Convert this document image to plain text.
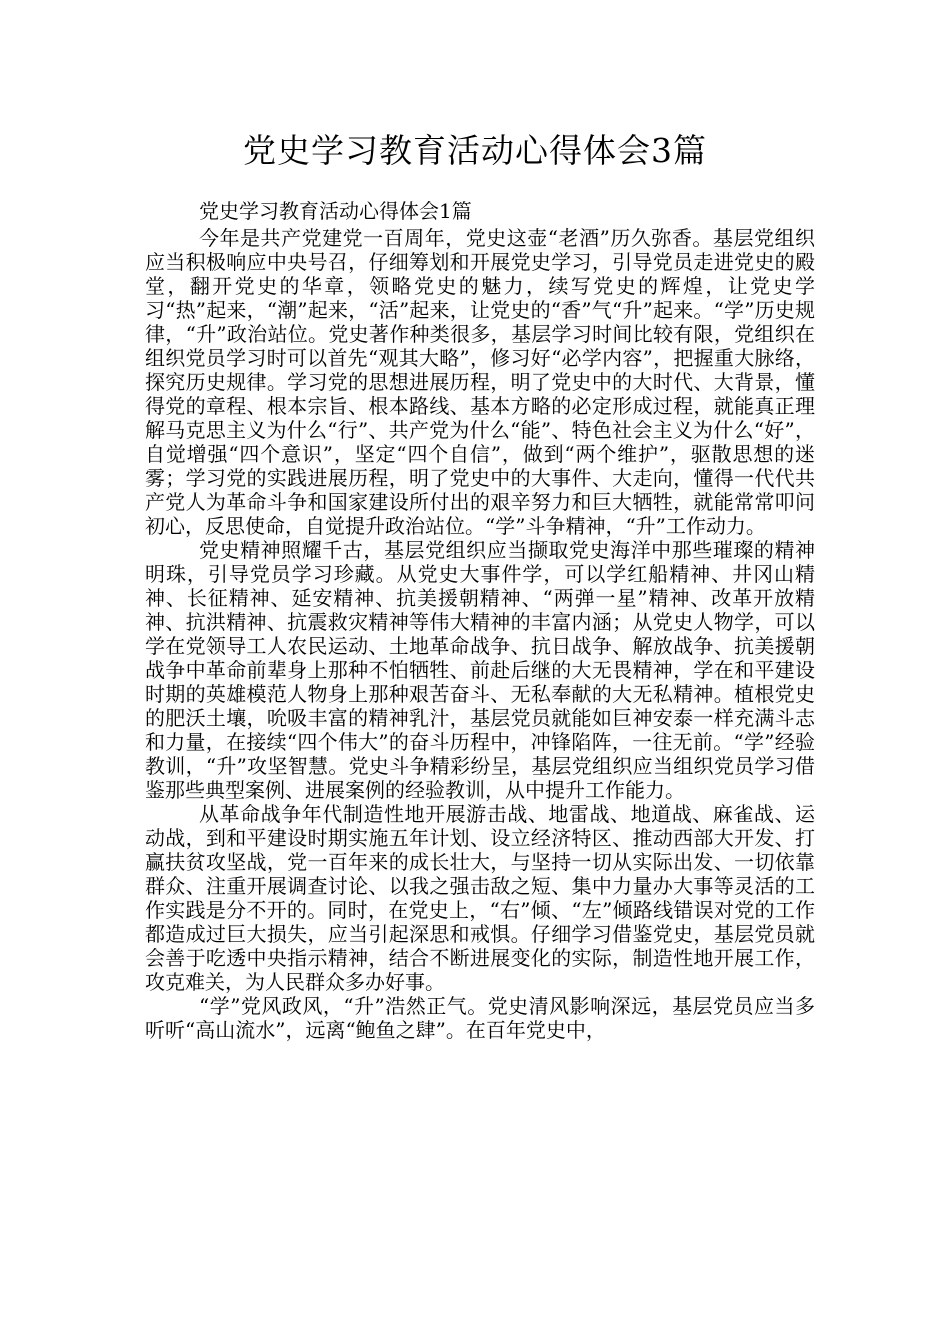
党史学习教育活动心得体会3篇

党史学习教育活动心得体会1篇

今年是共产党建党一百周年，党史这壶“老酒”历久弥香。基层党组织应当积极响应中央号召，仔细筹划和开展党史学习，引导党员走进党史的殿堂，翻开党史的华章，领略党史的魅力，续写党史的辉煌，让党史学习“热”起来，“潮”起来，“活”起来，让党史的“香”气“升”起来。“学”历史规律，“升”政治站位。党史著作种类很多，基层学习时间比较有限，党组织在组织党员学习时可以首先“观其大略”，修习好“必学内容”，把握重大脉络，探究历史规律。学习党的思想进展历程，明了党史中的大时代、大背景，懂得党的章程、根本宗旨、根本路线、基本方略的必定形成过程，就能真正理解马克思主义为什么“行”、共产党为什么“能”、特色社会主义为什么“好”，自觉增强“四个意识”，坚定“四个自信”，做到“两个维护”，驱散思想的迷雾；学习党的实践进展历程，明了党史中的大事件、大走向，懂得一代代共产党人为革命斗争和国家建设所付出的艰辛努力和巨大牺牲，就能常常叩问初心，反思使命，自觉提升政治站位。“学”斗争精神，“升”工作动力。

党史精神照耀千古，基层党组织应当撷取党史海洋中那些璀璨的精神明珠，引导党员学习珍藏。从党史大事件学，可以学红船精神、井冈山精神、长征精神、延安精神、抗美援朝精神、“两弹一星”精神、改革开放精神、抗洪精神、抗震救灾精神等伟大精神的丰富内涵；从党史人物学，可以学在党领导工人农民运动、土地革命战争、抗日战争、解放战争、抗美援朝战争中革命前辈身上那种不怕牺牲、前赴后继的大无畏精神，学在和平建设时期的英雄模范人物身上那种艰苦奋斗、无私奉献的大无私精神。植根党史的肥沃土壤，吮吸丰富的精神乳汁，基层党员就能如巨神安泰一样充满斗志和力量，在接续“四个伟大”的奋斗历程中，冲锋陷阵，一往无前。“学”经验教训，“升”攻坚智慧。党史斗争精彩纷呈，基层党组织应当组织党员学习借鉴那些典型案例、进展案例的经验教训，从中提升工作能力。

从革命战争年代制造性地开展游击战、地雷战、地道战、麻雀战、运动战，到和平建设时期实施五年计划、设立经济特区、推动西部大开发、打赢扶贫攻坚战，党一百年来的成长壮大，与坚持一切从实际出发、一切依靠群众、注重开展调查讨论、以我之强击敌之短、集中力量办大事等灵活的工作实践是分不开的。同时，在党史上，“右”倾、“左”倾路线错误对党的工作都造成过巨大损失，应当引起深思和戒惧。仔细学习借鉴党史，基层党员就会善于吃透中央指示精神，结合不断进展变化的实际，制造性地开展工作，攻克难关，为人民群众多办好事。

“学”党风政风，“升”浩然正气。党史清风影响深远，基层党员应当多听听“高山流水”，远离“鲍鱼之肆”。在百年党史中，
